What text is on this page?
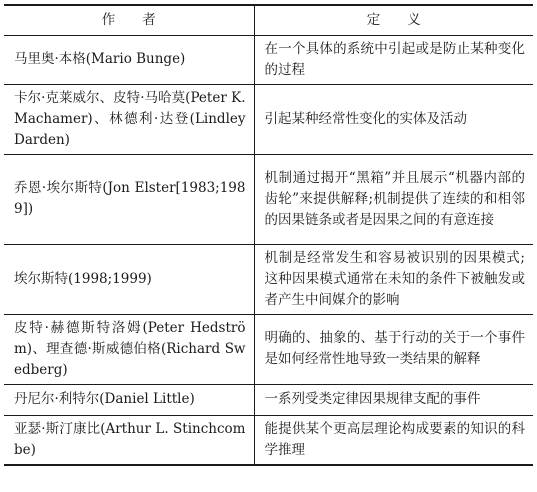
作　　者	定　　义
马里奥·本格(Mario Bunge)	在一个具体的系统中引起或是防止某种变化的过程
卡尔·克莱威尔、皮特·马哈莫(Peter K. Machamer)、林德利·达登(Lindley Darden)	引起某种经常性变化的实体及活动
乔恩·埃尔斯特(Jon Elster[1983;1989])	机制通过揭开“黑箱”并且展示“机器内部的齿轮”来提供解释;机制提供了连续的和相邻的因果链条或者是因果之间的有意连接
埃尔斯特(1998;1999)	机制是经常发生和容易被识别的因果模式;这种因果模式通常在未知的条件下被触发或者产生中间媒介的影响
皮特·赫德斯特洛姆(Peter Hedström)、理查德·斯威德伯格(Richard Swedberg)	明确的、抽象的、基于行动的关于一个事件是如何经常性地导致一类结果的解释
丹尼尔·利特尔(Daniel Little)	一系列受类定律因果规律支配的事件
亚瑟·斯汀康比(Arthur L. Stinchcombe)	能提供某个更高层理论构成要素的知识的科学推理
